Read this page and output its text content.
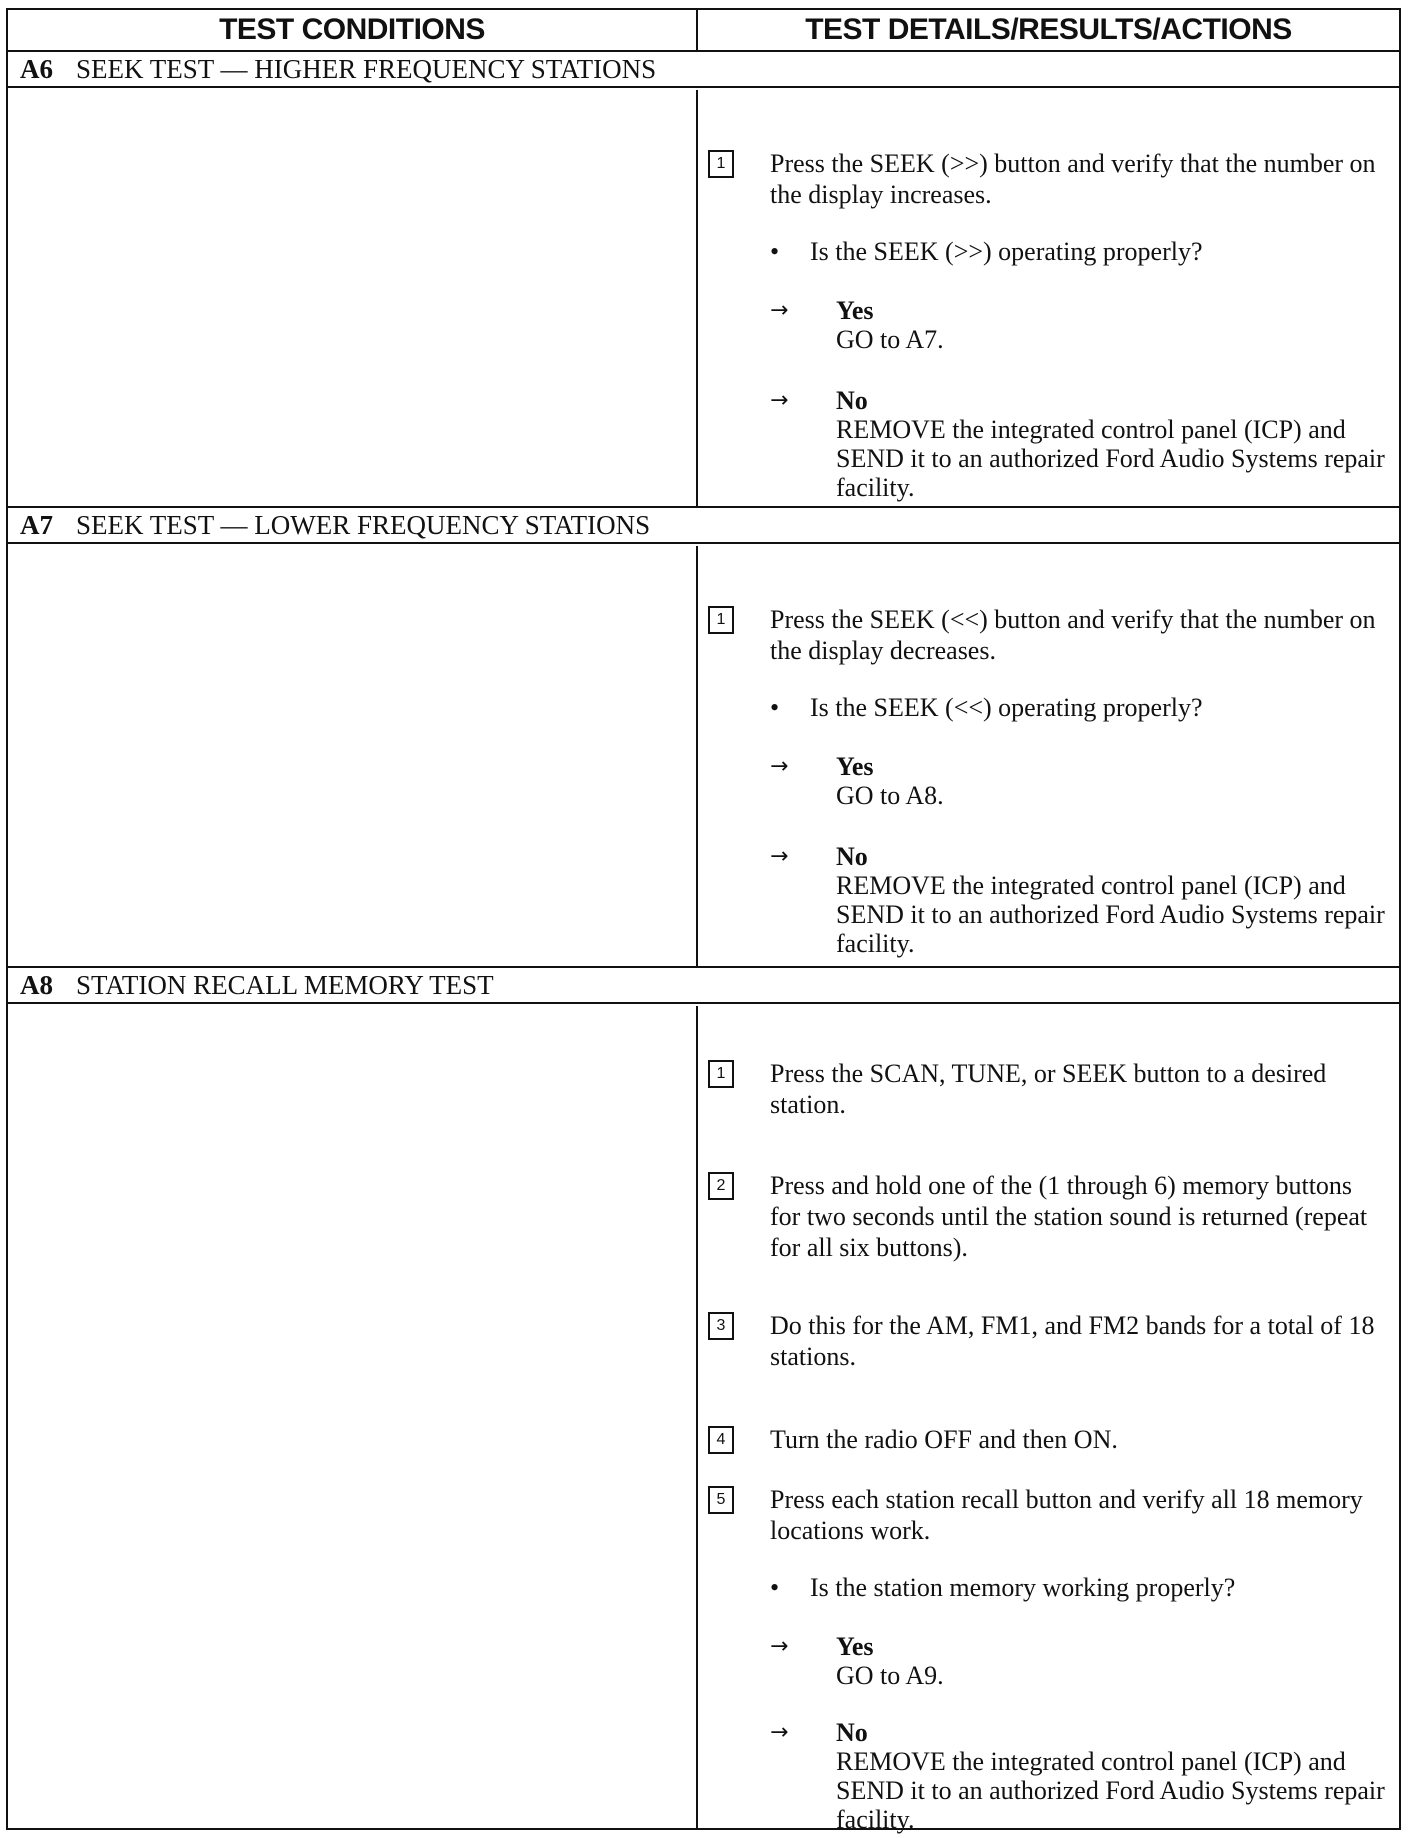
TEST CONDITIONS	TEST DETAILS/RESULTS/ACTIONS
A6 SEEK TEST — HIGHER FREQUENCY STATIONS
1	Press the SEEK (>>) button and verify that the number on the display increases.
• Is the SEEK (>>) operating properly?
→ Yes
GO to A7.
→ No
REMOVE the integrated control panel (ICP) and SEND it to an authorized Ford Audio Systems repair facility.
A7 SEEK TEST — LOWER FREQUENCY STATIONS
1	Press the SEEK (<<) button and verify that the number on the display decreases.
• Is the SEEK (<<) operating properly?
→ Yes
GO to A8.
→ No
REMOVE the integrated control panel (ICP) and SEND it to an authorized Ford Audio Systems repair facility.
A8 STATION RECALL MEMORY TEST
1	Press the SCAN, TUNE, or SEEK button to a desired station.
2	Press and hold one of the (1 through 6) memory buttons for two seconds until the station sound is returned (repeat for all six buttons).
3	Do this for the AM, FM1, and FM2 bands for a total of 18 stations.
4	Turn the radio OFF and then ON.
5	Press each station recall button and verify all 18 memory locations work.
• Is the station memory working properly?
→ Yes
GO to A9.
→ No
REMOVE the integrated control panel (ICP) and SEND it to an authorized Ford Audio Systems repair facility.
